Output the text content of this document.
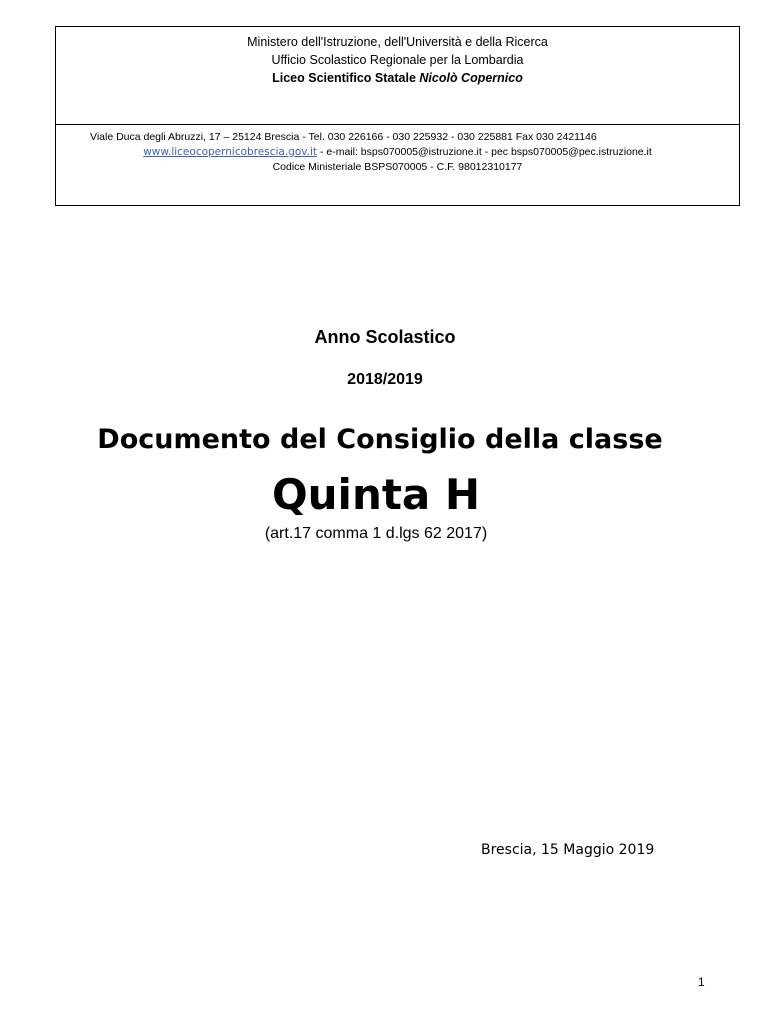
Ministero dell'Istruzione, dell'Università e della Ricerca
Ufficio Scolastico Regionale per la Lombardia
Liceo Scientifico Statale Nicolò Copernico
Viale Duca degli Abruzzi, 17 – 25124 Brescia - Tel. 030 226166 - 030 225932 - 030 225881 Fax 030 2421146
www.liceocopernicobrescia.gov.it - e-mail: bsps070005@istruzione.it - pec bsps070005@pec.istruzione.it
Codice Ministeriale BSPS070005 - C.F. 98012310177
Anno Scolastico
2018/2019
Documento del Consiglio della classe
Quinta H
(art.17 comma 1 d.lgs 62 2017)
Brescia, 15 Maggio 2019
1
